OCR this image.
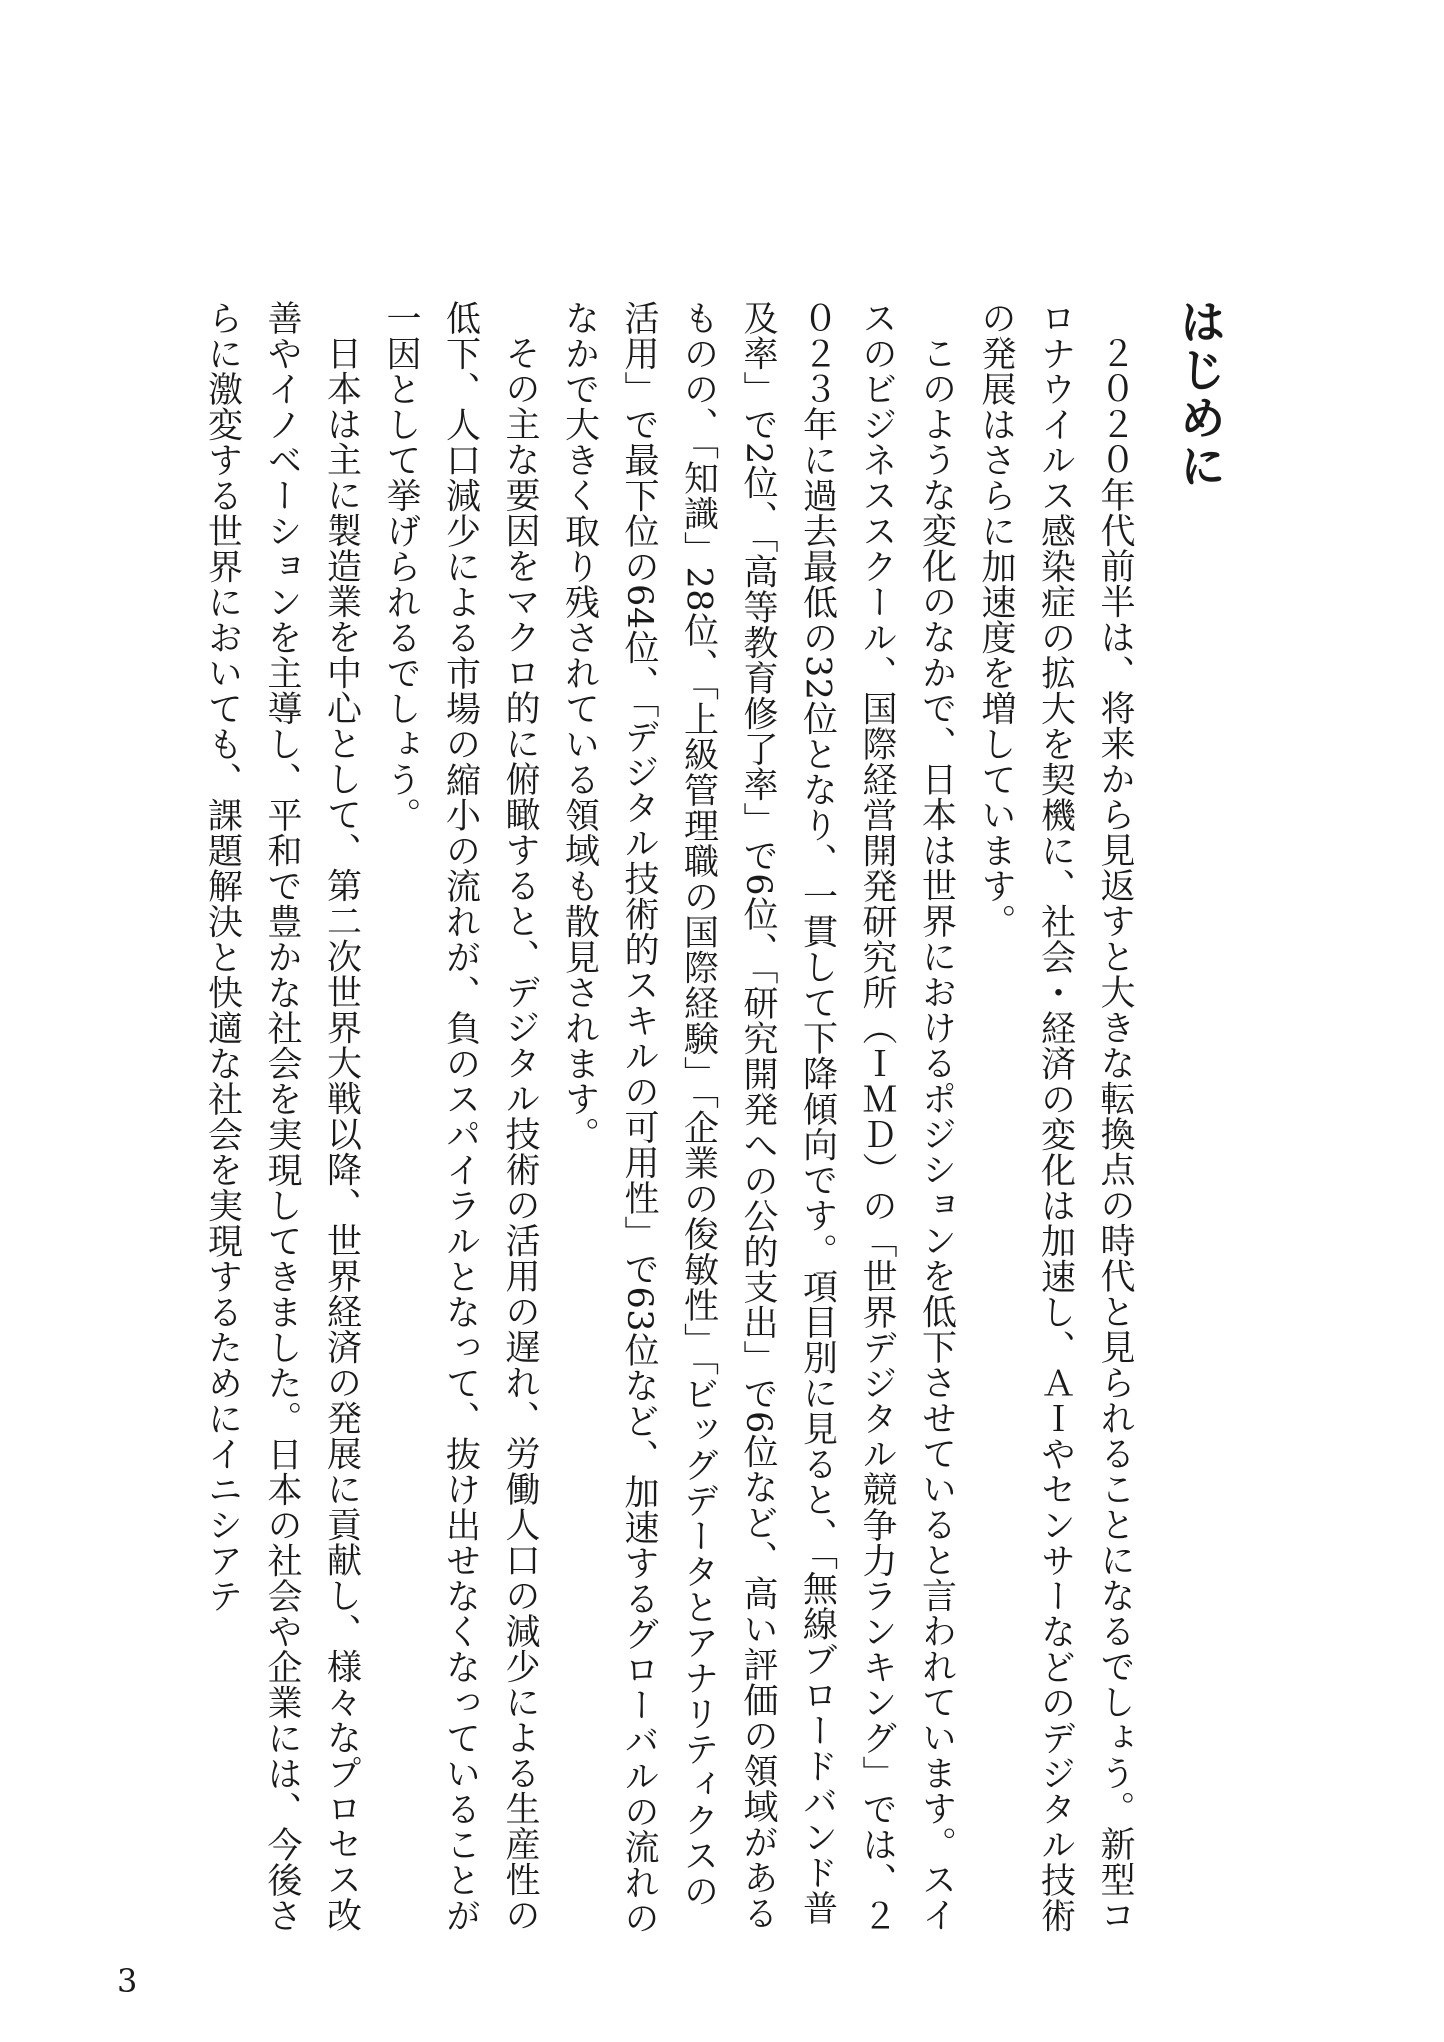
はじめに

２０２０年代前半は、将来から見返すと大きな転換点の時代と見られることになるでしょう。新型コロナウイルス感染症の拡大を契機に、社会・経済の変化は加速し、ＡＩやセンサーなどのデジタル技術の発展はさらに加速度を増しています。

このような変化のなかで、日本は世界におけるポジションを低下させていると言われています。スイスのビジネススクール、国際経営開発研究所（ＩＭＤ）の「世界デジタル競争力ランキング」では、２０２３年に過去最低の32位となり、一貫して下降傾向です。項目別に見ると、「無線ブロードバンド普及率」で2位、「高等教育修了率」で6位、「研究開発への公的支出」で6位など、高い評価の領域があるものの、「知識」28位、「上級管理職の国際経験」「企業の俊敏性」「ビッグデータとアナリティクスの活用」で最下位の64位、「デジタル技術的スキルの可用性」で63位など、加速するグローバルの流れのなかで大きく取り残されている領域も散見されます。

その主な要因をマクロ的に俯瞰すると、デジタル技術の活用の遅れ、労働人口の減少による生産性の低下、人口減少による市場の縮小の流れが、負のスパイラルとなって、抜け出せなくなっていることが一因として挙げられるでしょう。

日本は主に製造業を中心として、第二次世界大戦以降、世界経済の発展に貢献し、様々なプロセス改善やイノベーションを主導し、平和で豊かな社会を実現してきました。日本の社会や企業には、今後さらに激変する世界においても、課題解決と快適な社会を実現するためにイニシアテ

3
